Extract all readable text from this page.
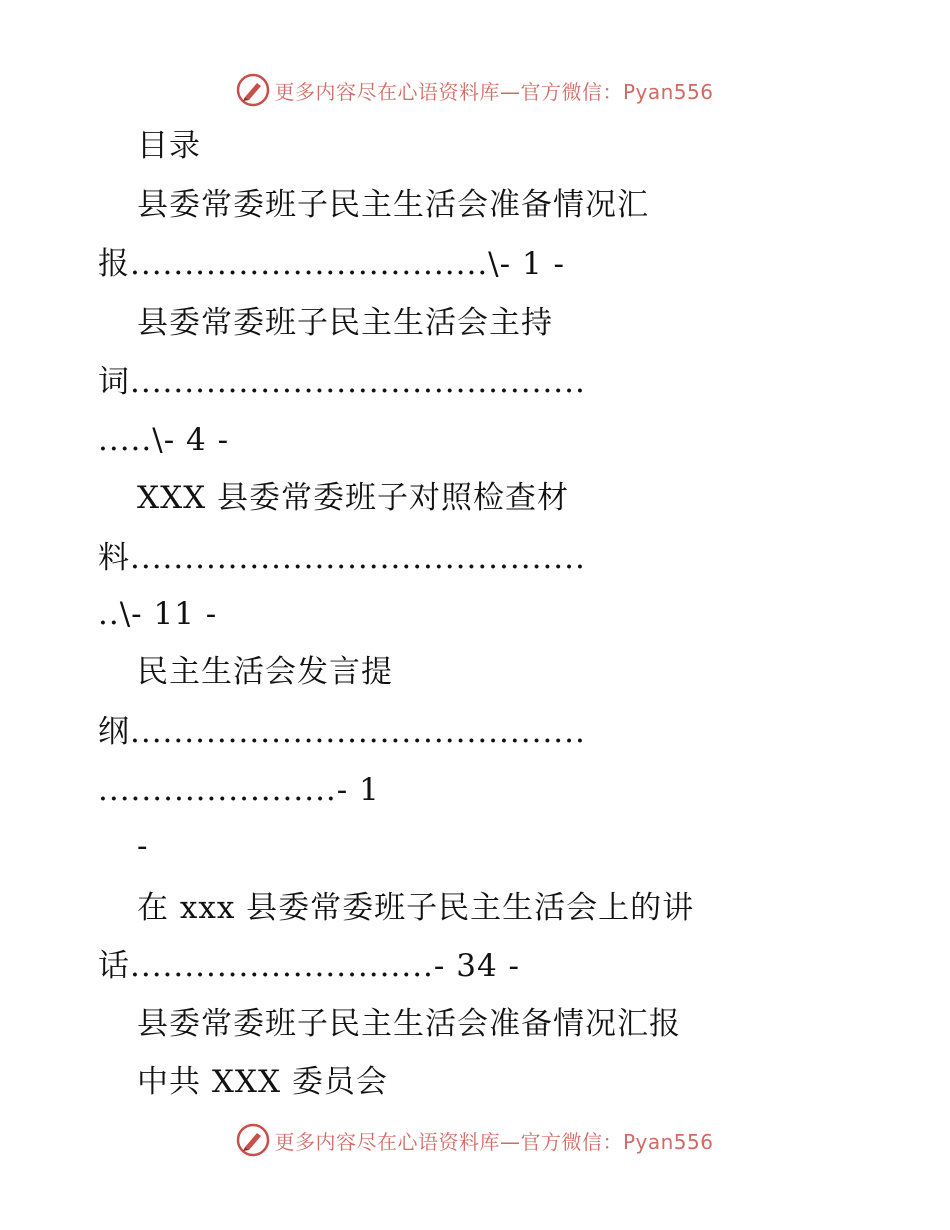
更多内容尽在心语资料库—官方微信：Pyan556
目录
县委常委班子民主生活会准备情况汇
报.................................\- 1 -
县委常委班子民主生活会主持
词..........................................
.....\- 4 -
XXX 县委常委班子对照检查材
料..........................................
..\- 11 -
民主生活会发言提
纲..........................................
......................- 1
-
在 xxx 县委常委班子民主生活会上的讲
话............................- 34 -
县委常委班子民主生活会准备情况汇报
中共 XXX 委员会
更多内容尽在心语资料库—官方微信：Pyan556
